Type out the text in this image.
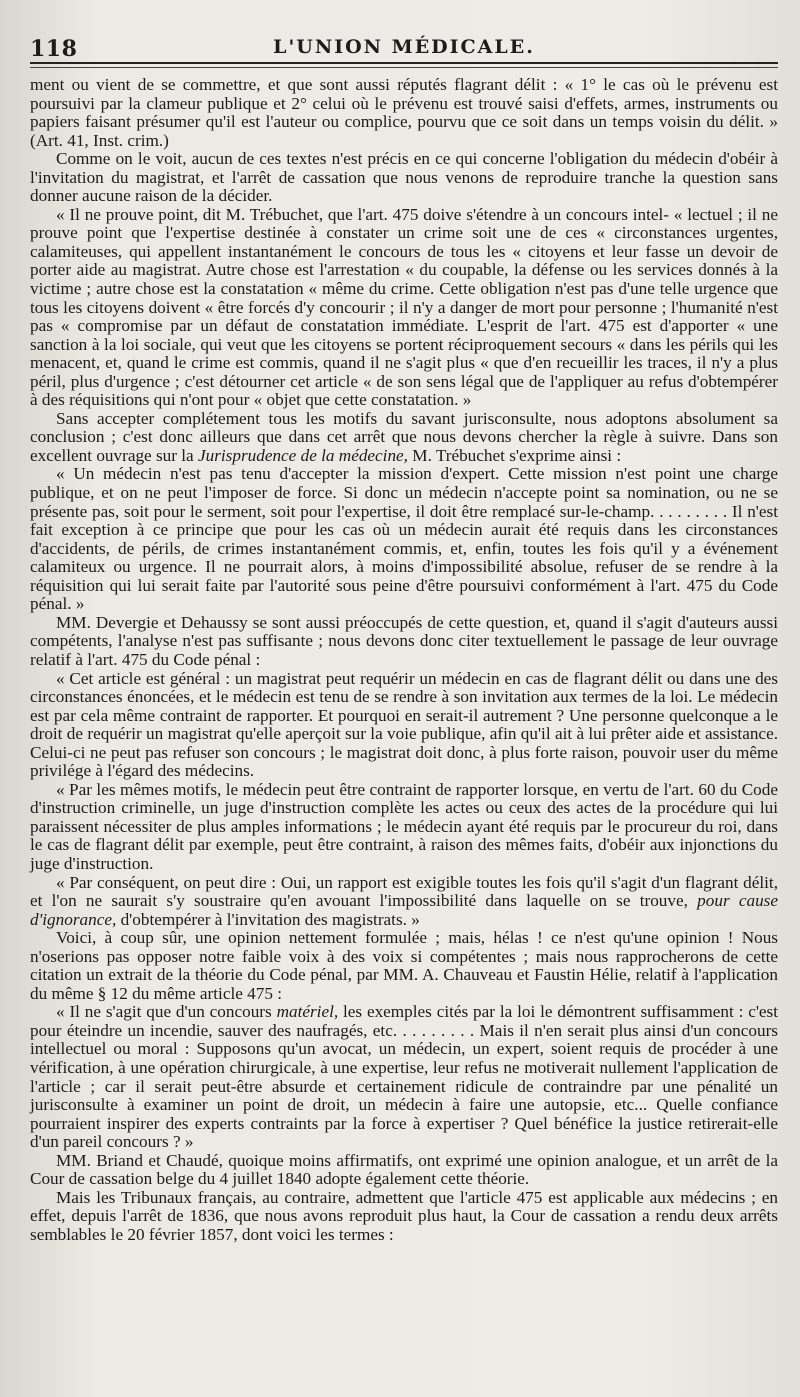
118	L'UNION MÉDICALE.

ment ou vient de se commettre, et que sont aussi réputés flagrant délit : « 1° le cas où le prévenu est poursuivi par la clameur publique et 2° celui où le prévenu est trouvé saisi d'effets, armes, instruments ou papiers faisant présumer qu'il est l'auteur ou complice, pourvu que ce soit dans un temps voisin du délit. » (Art. 41, Inst. crim.)

Comme on le voit, aucun de ces textes n'est précis en ce qui concerne l'obligation du médecin d'obéir à l'invitation du magistrat, et l'arrêt de cassation que nous venons de reproduire tranche la question sans donner aucune raison de la décider.

« Il ne prouve point, dit M. Trébuchet, que l'art. 475 doive s'étendre à un concours intel- « lectuel ; il ne prouve point que l'expertise destinée à constater un crime soit une de ces « circonstances urgentes, calamiteuses, qui appellent instantanément le concours de tous les « citoyens et leur fasse un devoir de porter aide au magistrat. Autre chose est l'arrestation « du coupable, la défense ou les services donnés à la victime ; autre chose est la constatation « même du crime. Cette obligation n'est pas d'une telle urgence que tous les citoyens doivent « être forcés d'y concourir ; il n'y a danger de mort pour personne ; l'humanité n'est pas « compromise par un défaut de constatation immédiate. L'esprit de l'art. 475 est d'apporter « une sanction à la loi sociale, qui veut que les citoyens se portent réciproquement secours « dans les périls qui les menacent, et, quand le crime est commis, quand il ne s'agit plus « que d'en recueillir les traces, il n'y a plus péril, plus d'urgence ; c'est détourner cet article « de son sens légal que de l'appliquer au refus d'obtempérer à des réquisitions qui n'ont pour « objet que cette constatation. »

Sans accepter complétement tous les motifs du savant jurisconsulte, nous adoptons absolument sa conclusion ; c'est donc ailleurs que dans cet arrêt que nous devons chercher la règle à suivre. Dans son excellent ouvrage sur la Jurisprudence de la médecine, M. Trébuchet s'exprime ainsi :

« Un médecin n'est pas tenu d'accepter la mission d'expert. Cette mission n'est point une charge publique, et on ne peut l'imposer de force. Si donc un médecin n'accepte point sa nomination, ou ne se présente pas, soit pour le serment, soit pour l'expertise, il doit être remplacé sur-le-champ. . . . . . . . . Il n'est fait exception à ce principe que pour les cas où un médecin aurait été requis dans les circonstances d'accidents, de périls, de crimes instantanément commis, et, enfin, toutes les fois qu'il y a événement calamiteux ou urgence. Il ne pourrait alors, à moins d'impossibilité absolue, refuser de se rendre à la réquisition qui lui serait faite par l'autorité sous peine d'être poursuivi conformément à l'art. 475 du Code pénal. »

MM. Devergie et Dehaussy se sont aussi préoccupés de cette question, et, quand il s'agit d'auteurs aussi compétents, l'analyse n'est pas suffisante ; nous devons donc citer textuellement le passage de leur ouvrage relatif à l'art. 475 du Code pénal :

« Cet article est général : un magistrat peut requérir un médecin en cas de flagrant délit ou dans une des circonstances énoncées, et le médecin est tenu de se rendre à son invitation aux termes de la loi. Le médecin est par cela même contraint de rapporter. Et pourquoi en serait-il autrement ? Une personne quelconque a le droit de requérir un magistrat qu'elle aperçoit sur la voie publique, afin qu'il ait à lui prêter aide et assistance. Celui-ci ne peut pas refuser son concours ; le magistrat doit donc, à plus forte raison, pouvoir user du même privilége à l'égard des médecins.

« Par les mêmes motifs, le médecin peut être contraint de rapporter lorsque, en vertu de l'art. 60 du Code d'instruction criminelle, un juge d'instruction complète les actes ou ceux des actes de la procédure qui lui paraissent nécessiter de plus amples informations ; le médecin ayant été requis par le procureur du roi, dans le cas de flagrant délit par exemple, peut être contraint, à raison des mêmes faits, d'obéir aux injonctions du juge d'instruction.

« Par conséquent, on peut dire : Oui, un rapport est exigible toutes les fois qu'il s'agit d'un flagrant délit, et l'on ne saurait s'y soustraire qu'en avouant l'impossibilité dans laquelle on se trouve, pour cause d'ignorance, d'obtempérer à l'invitation des magistrats. »

Voici, à coup sûr, une opinion nettement formulée ; mais, hélas ! ce n'est qu'une opinion ! Nous n'oserions pas opposer notre faible voix à des voix si compétentes ; mais nous rapprocherons de cette citation un extrait de la théorie du Code pénal, par MM. A. Chauveau et Faustin Hélie, relatif à l'application du même § 12 du même article 475 :

« Il ne s'agit que d'un concours matériel, les exemples cités par la loi le démontrent suffisamment : c'est pour éteindre un incendie, sauver des naufragés, etc. . . . . . . . . Mais il n'en serait plus ainsi d'un concours intellectuel ou moral : Supposons qu'un avocat, un médecin, un expert, soient requis de procéder à une vérification, à une opération chirurgicale, à une expertise, leur refus ne motiverait nullement l'application de l'article ; car il serait peut-être absurde et certainement ridicule de contraindre par une pénalité un jurisconsulte à examiner un point de droit, un médecin à faire une autopsie, etc... Quelle confiance pourraient inspirer des experts contraints par la force à expertiser ? Quel bénéfice la justice retirerait-elle d'un pareil concours ? »

MM. Briand et Chaudé, quoique moins affirmatifs, ont exprimé une opinion analogue, et un arrêt de la Cour de cassation belge du 4 juillet 1840 adopte également cette théorie.

Mais les Tribunaux français, au contraire, admettent que l'article 475 est applicable aux médecins ; en effet, depuis l'arrêt de 1836, que nous avons reproduit plus haut, la Cour de cassation a rendu deux arrêts semblables le 20 février 1857, dont voici les termes :
